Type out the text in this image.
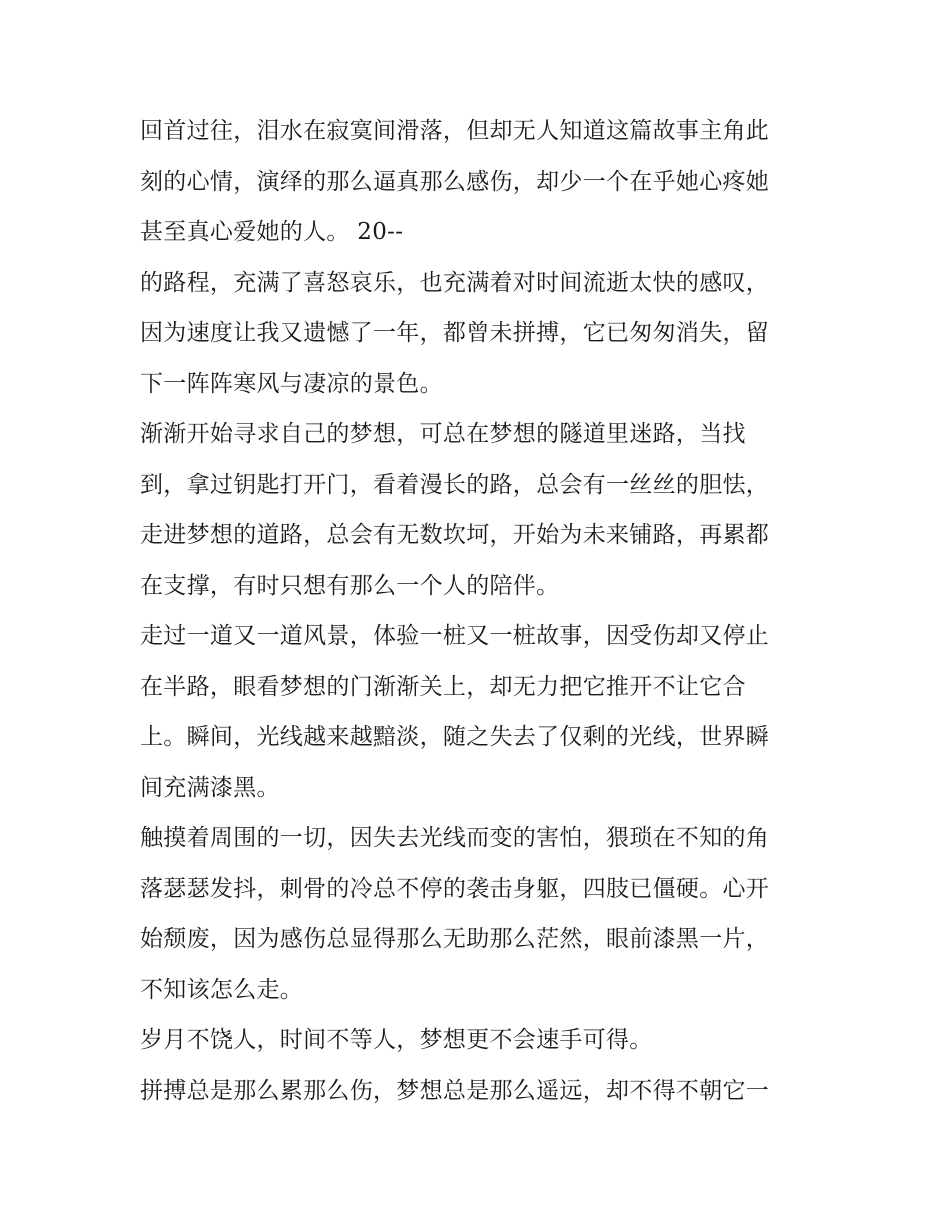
回首过往，泪水在寂寞间滑落，但却无人知道这篇故事主角此
刻的心情，演绎的那么逼真那么感伤，却少一个在乎她心疼她
甚至真心爱她的人。 20--
的路程，充满了喜怒哀乐，也充满着对时间流逝太快的感叹，
因为速度让我又遗憾了一年，都曾未拼搏，它已匆匆消失，留
下一阵阵寒风与凄凉的景色。
渐渐开始寻求自己的梦想，可总在梦想的隧道里迷路，当找
到，拿过钥匙打开门，看着漫长的路，总会有一丝丝的胆怯，
走进梦想的道路，总会有无数坎坷，开始为未来铺路，再累都
在支撑，有时只想有那么一个人的陪伴。
走过一道又一道风景，体验一桩又一桩故事，因受伤却又停止
在半路，眼看梦想的门渐渐关上，却无力把它推开不让它合
上。瞬间，光线越来越黯淡，随之失去了仅剩的光线，世界瞬
间充满漆黑。
触摸着周围的一切，因失去光线而变的害怕，猥琐在不知的角
落瑟瑟发抖，刺骨的冷总不停的袭击身躯，四肢已僵硬。心开
始颓废，因为感伤总显得那么无助那么茫然，眼前漆黑一片，
不知该怎么走。
岁月不饶人，时间不等人，梦想更不会速手可得。
拼搏总是那么累那么伤，梦想总是那么遥远，却不得不朝它一
